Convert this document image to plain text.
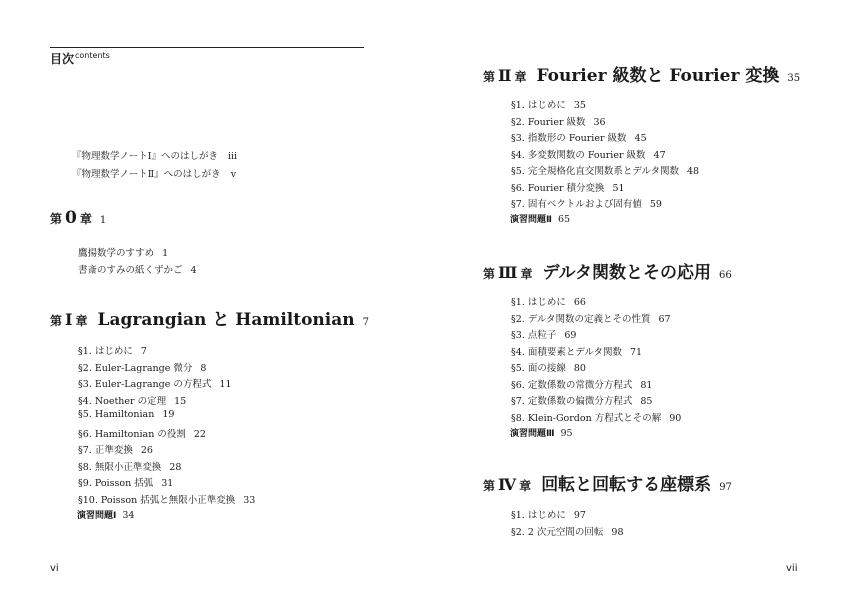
目次$^{contents}$
『物理数学ノートⅠ』へのはしがき iii
『物理数学ノートⅡ』へのはしがき v
第 0 章 1
鷹揚数学のすすめ 1
書斎のすみの紙くずかご 4
第 Ⅰ 章 Lagrangian と Hamiltonian 7
§1. はじめに 7
§2. Euler-Lagrange 微分 8
§3. Euler-Lagrange の方程式 11
§4. Noether の定理 15
§5. Hamiltonian 19
§6. Hamiltonian の役割 22
§7. 正準変換 26
§8. 無限小正準変換 28
§9. Poisson 括弧 31
§10. Poisson 括弧と無限小正準変換 33
演習問題Ⅰ 34
vi
第 Ⅱ 章 Fourier 級数と Fourier 変換 35
§1. はじめに 35
§2. Fourier 級数 36
§3. 指数形の Fourier 級数 45
§4. 多変数関数の Fourier 級数 47
§5. 完全規格化直交関数系とデルタ関数 48
§6. Fourier 積分変換 51
§7. 固有ベクトルおよび固有値 59
演習問題Ⅱ 65
第 Ⅲ 章 デルタ関数とその応用 66
§1. はじめに 66
§2. デルタ関数の定義とその性質 67
§3. 点粒子 69
§4. 面積要素とデルタ関数 71
§5. 面の接線 80
§6. 定数係数の常微分方程式 81
§7. 定数係数の偏微分方程式 85
§8. Klein-Gordon 方程式とその解 90
演習問題Ⅲ 95
第 Ⅳ 章 回転と回転する座標系 97
§1. はじめに 97
§2. 2 次元空間の回転 98
vii
